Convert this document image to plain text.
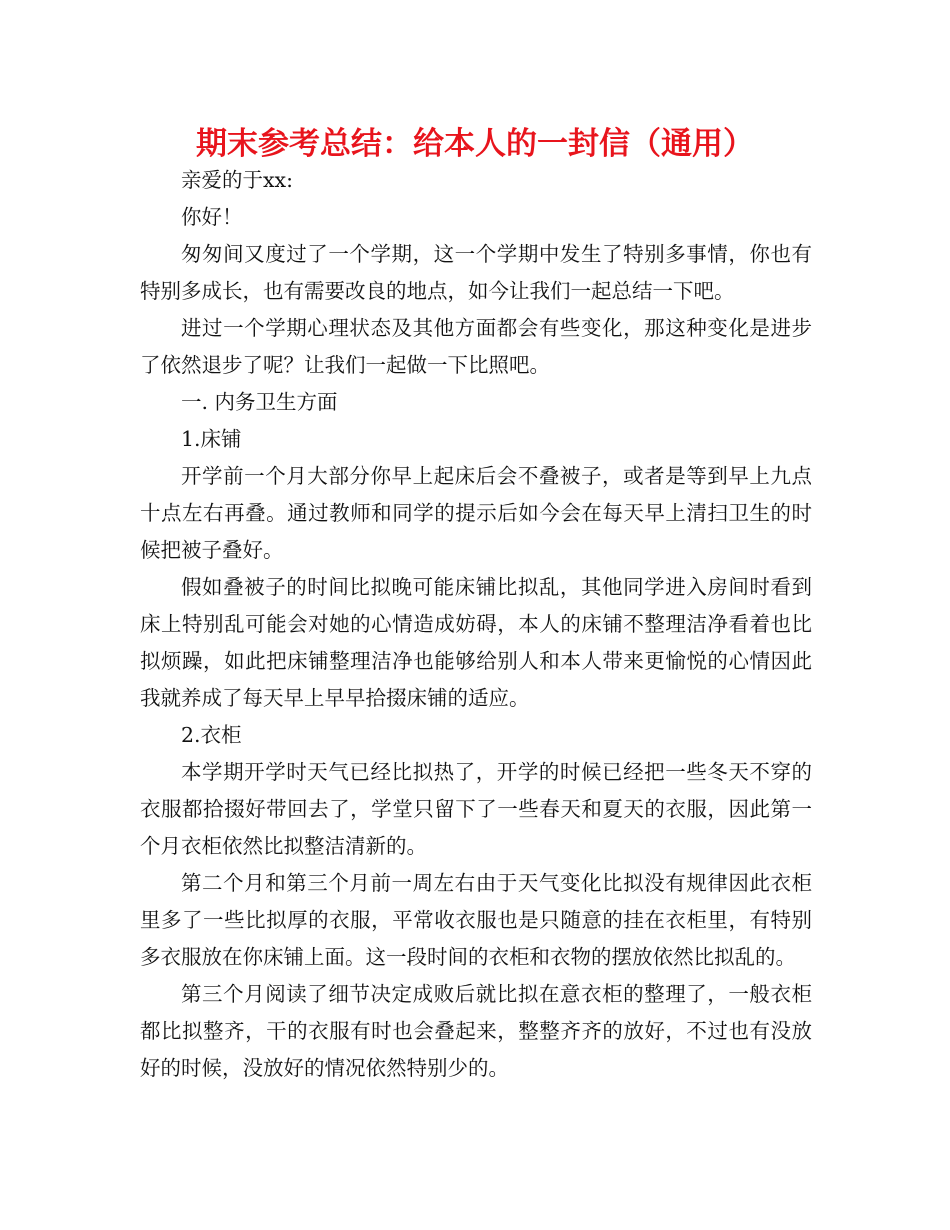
期末参考总结：给本人的一封信（通用）

亲爱的于xx:

你好！

匆匆间又度过了一个学期，这一个学期中发生了特别多事情，你也有特别多成长，也有需要改良的地点，如今让我们一起总结一下吧。

进过一个学期心理状态及其他方面都会有些变化，那这种变化是进步了依然退步了呢？让我们一起做一下比照吧。

一. 内务卫生方面

1.床铺

开学前一个月大部分你早上起床后会不叠被子，或者是等到早上九点十点左右再叠。通过教师和同学的提示后如今会在每天早上清扫卫生的时候把被子叠好。

假如叠被子的时间比拟晚可能床铺比拟乱，其他同学进入房间时看到床上特别乱可能会对她的心情造成妨碍，本人的床铺不整理洁净看着也比拟烦躁，如此把床铺整理洁净也能够给别人和本人带来更愉悦的心情因此我就养成了每天早上早早拾掇床铺的适应。

2.衣柜

本学期开学时天气已经比拟热了，开学的时候已经把一些冬天不穿的衣服都拾掇好带回去了，学堂只留下了一些春天和夏天的衣服，因此第一个月衣柜依然比拟整洁清新的。

第二个月和第三个月前一周左右由于天气变化比拟没有规律因此衣柜里多了一些比拟厚的衣服，平常收衣服也是只随意的挂在衣柜里，有特别多衣服放在你床铺上面。这一段时间的衣柜和衣物的摆放依然比拟乱的。

第三个月阅读了细节决定成败后就比拟在意衣柜的整理了，一般衣柜都比拟整齐，干的衣服有时也会叠起来，整整齐齐的放好，不过也有没放好的时候，没放好的情况依然特别少的。
